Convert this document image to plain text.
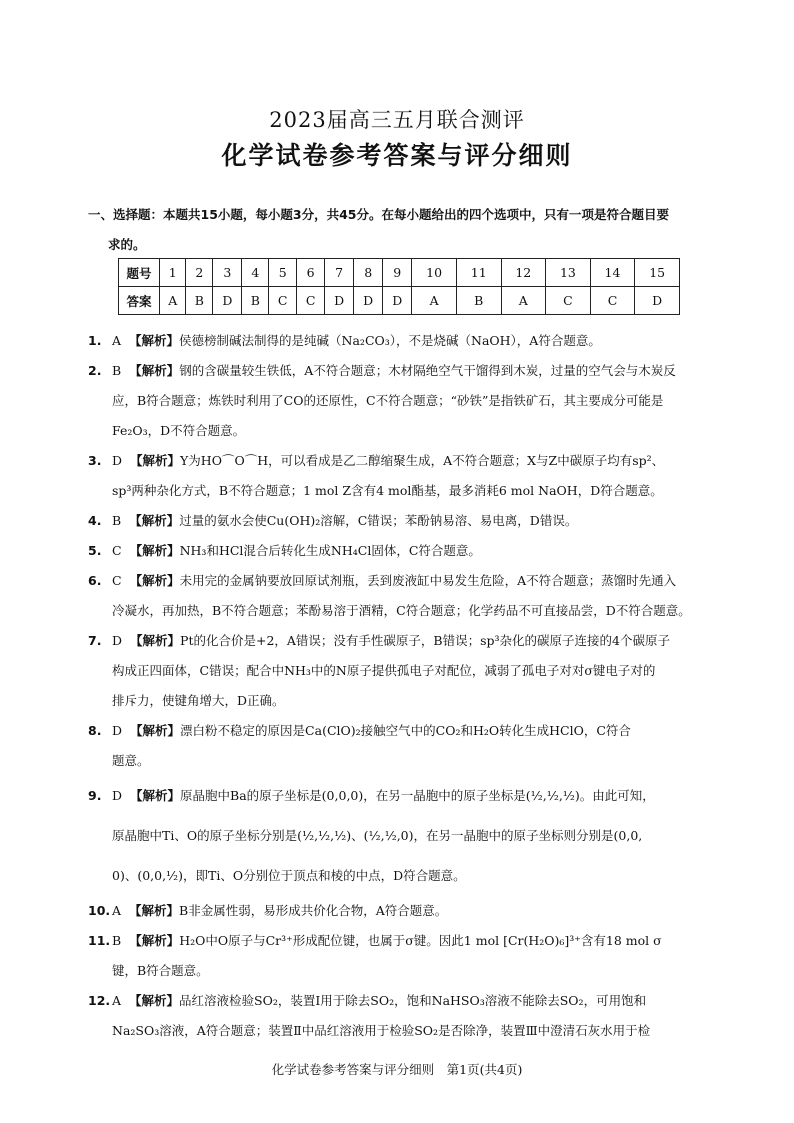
2023届高三五月联合测评
化学试卷参考答案与评分细则
一、选择题：本题共15小题，每小题3分，共45分。在每小题给出的四个选项中，只有一项是符合题目要
求的。
题号	1	2	3	4	5	6	7	8	9	10	11	12	13	14	15
答案	A	B	D	B	C	C	D	D	D	A	B	A	C	C	D
1. A 【解析】侯德榜制碱法制得的是纯碱（Na₂CO₃），不是烧碱（NaOH），A符合题意。
2. B 【解析】钢的含碳量较生铁低，A不符合题意；木材隔绝空气干馏得到木炭，过量的空气会与木炭反
应，B符合题意；炼铁时利用了CO的还原性，C不符合题意；“砂铁”是指铁矿石，其主要成分可能是
Fe₂O₃，D不符合题意。
3. D 【解析】Y为HO⌒O⌒H，可以看成是乙二醇缩聚生成，A不符合题意；X与Z中碳原子均有sp²、
sp³两种杂化方式，B不符合题意；1 mol Z含有4 mol酯基，最多消耗6 mol NaOH，D符合题意。
4. B 【解析】过量的氨水会使Cu(OH)₂溶解，C错误；苯酚钠易溶、易电离，D错误。
5. C 【解析】NH₃和HCl混合后转化生成NH₄Cl固体，C符合题意。
6. C 【解析】未用完的金属钠要放回原试剂瓶，丢到废液缸中易发生危险，A不符合题意；蒸馏时先通入
冷凝水，再加热，B不符合题意；苯酚易溶于酒精，C符合题意；化学药品不可直接品尝，D不符合题意。
7. D 【解析】Pt的化合价是+2，A错误；没有手性碳原子，B错误；sp³杂化的碳原子连接的4个碳原子
构成正四面体，C错误；配合中NH₃中的N原子提供孤电子对配位，减弱了孤电子对对σ键电子对的
排斥力，使键角增大，D正确。
8. D 【解析】漂白粉不稳定的原因是Ca(ClO)₂接触空气中的CO₂和H₂O转化生成HClO，C符合
题意。
9. D 【解析】原晶胞中Ba的原子坐标是(0,0,0)，在另一晶胞中的原子坐标是(½,½,½)。由此可知，
原晶胞中Ti、O的原子坐标分别是(½,½,½)、(½,½,0)，在另一晶胞中的原子坐标则分别是(0,0,
0)、(0,0,½)，即Ti、O分别位于顶点和棱的中点，D符合题意。
10. A 【解析】B非金属性弱，易形成共价化合物，A符合题意。
11. B 【解析】H₂O中O原子与Cr³⁺形成配位键，也属于σ键。因此1 mol [Cr(H₂O)₆]³⁺含有18 mol σ
键，B符合题意。
12. A 【解析】品红溶液检验SO₂，装置Ⅰ用于除去SO₂，饱和NaHSO₃溶液不能除去SO₂，可用饱和
Na₂SO₃溶液，A符合题意；装置Ⅱ中品红溶液用于检验SO₂是否除净，装置Ⅲ中澄清石灰水用于检
化学试卷参考答案与评分细则　第1页(共4页)
